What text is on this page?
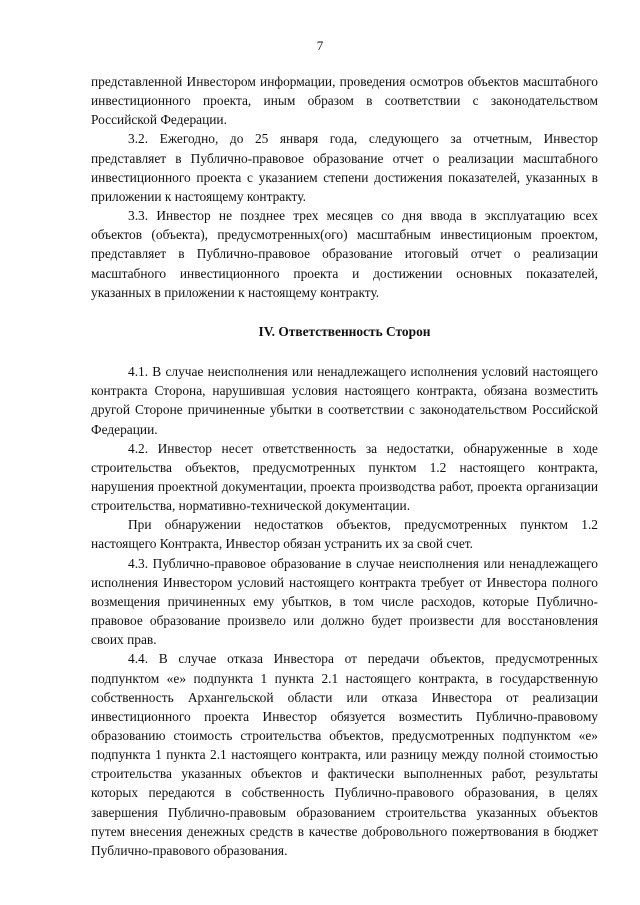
7

представленной Инвестором информации, проведения осмотров объектов масштабного инвестиционного проекта, иным образом в соответствии с законодательством Российской Федерации.

3.2. Ежегодно, до 25 января года, следующего за отчетным, Инвестор представляет в Публично-правовое образование отчет о реализации масштабного инвестиционного проекта с указанием степени достижения показателей, указанных в приложении к настоящему контракту.

3.3. Инвестор не позднее трех месяцев со дня ввода в эксплуатацию всех объектов (объекта), предусмотренных(ого) масштабным инвестиционым проектом, представляет в Публично-правовое образование итоговый отчет о реализации масштабного инвестиционного проекта и достижении основных показателей, указанных в приложении к настоящему контракту.

IV. Ответственность Сторон

4.1. В случае неисполнения или ненадлежащего исполнения условий настоящего контракта Сторона, нарушившая условия настоящего контракта, обязана возместить другой Стороне причиненные убытки в соответствии с законодательством Российской Федерации.

4.2. Инвестор несет ответственность за недостатки, обнаруженные в ходе строительства объектов, предусмотренных пунктом 1.2 настоящего контракта, нарушения проектной документации, проекта производства работ, проекта организации строительства, нормативно-технической документации.

При обнаружении недостатков объектов, предусмотренных пунктом 1.2 настоящего Контракта, Инвестор обязан устранить их за свой счет.

4.3. Публично-правовое образование в случае неисполнения или ненадлежащего исполнения Инвестором условий настоящего контракта требует от Инвестора полного возмещения причиненных ему убытков, в том числе расходов, которые Публично-правовое образование произвело или должно будет произвести для восстановления своих прав.

4.4. В случае отказа Инвестора от передачи объектов, предусмотренных подпунктом «е» подпункта 1 пункта 2.1 настоящего контракта, в государственную собственность Архангельской области или отказа Инвестора от реализации инвестиционного проекта Инвестор обязуется возместить Публично-правовому образованию стоимость строительства объектов, предусмотренных подпунктом «е» подпункта 1 пункта 2.1 настоящего контракта, или разницу между полной стоимостью строительства указанных объектов и фактически выполненных работ, результаты которых передаются в собственность Публично-правового образования, в целях завершения Публично-правовым образованием строительства указанных объектов путем внесения денежных средств в качестве добровольного пожертвования в бюджет Публично-правового образования.
